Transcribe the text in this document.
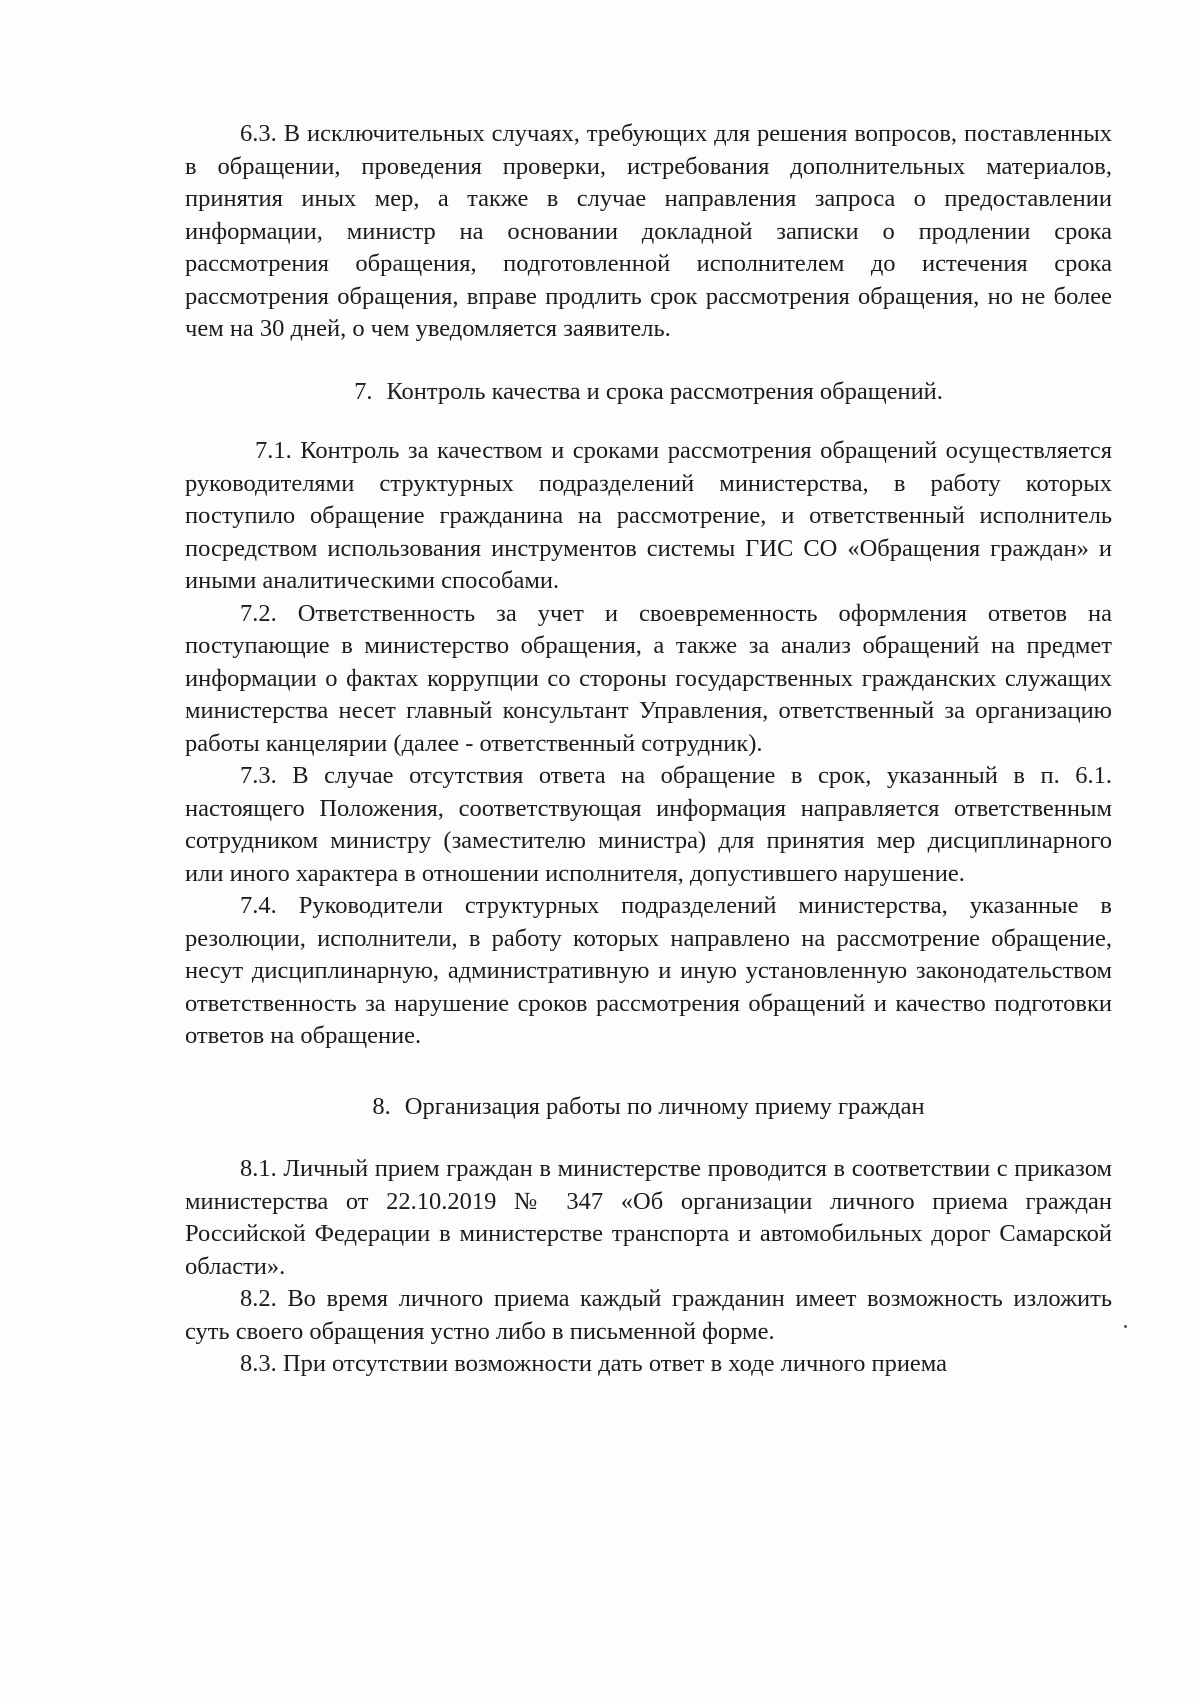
6.3. В исключительных случаях, требующих для решения вопросов, поставленных в обращении, проведения проверки, истребования дополнительных материалов, принятия иных мер, а также в случае направления запроса о предоставлении информации, министр на основании докладной записки о продлении срока рассмотрения обращения, подготовленной исполнителем до истечения срока рассмотрения обращения, вправе продлить срок рассмотрения обращения, но не более чем на 30 дней, о чем уведомляется заявитель.

7. Контроль качества и срока рассмотрения обращений.

7.1. Контроль за качеством и сроками рассмотрения обращений осуществляется руководителями структурных подразделений министерства, в работу которых поступило обращение гражданина на рассмотрение, и ответственный исполнитель посредством использования инструментов системы ГИС СО «Обращения граждан» и иными аналитическими способами.

7.2. Ответственность за учет и своевременность оформления ответов на поступающие в министерство обращения, а также за анализ обращений на предмет информации о фактах коррупции со стороны государственных гражданских служащих министерства несет главный консультант Управления, ответственный за организацию работы канцелярии (далее - ответственный сотрудник).

7.3. В случае отсутствия ответа на обращение в срок, указанный в п. 6.1. настоящего Положения, соответствующая информация направляется ответственным сотрудником министру (заместителю министра) для принятия мер дисциплинарного или иного характера в отношении исполнителя, допустившего нарушение.

7.4. Руководители структурных подразделений министерства, указанные в резолюции, исполнители, в работу которых направлено на рассмотрение обращение, несут дисциплинарную, административную и иную установленную законодательством ответственность за нарушение сроков рассмотрения обращений и качество подготовки ответов на обращение.

8. Организация работы по личному приему граждан

8.1. Личный прием граждан в министерстве проводится в соответствии с приказом министерства от 22.10.2019 № 347 «Об организации личного приема граждан Российской Федерации в министерстве транспорта и автомобильных дорог Самарской области».

8.2. Во время личного приема каждый гражданин имеет возможность изложить суть своего обращения устно либо в письменной форме.

8.3. При отсутствии возможности дать ответ в ходе личного приема
